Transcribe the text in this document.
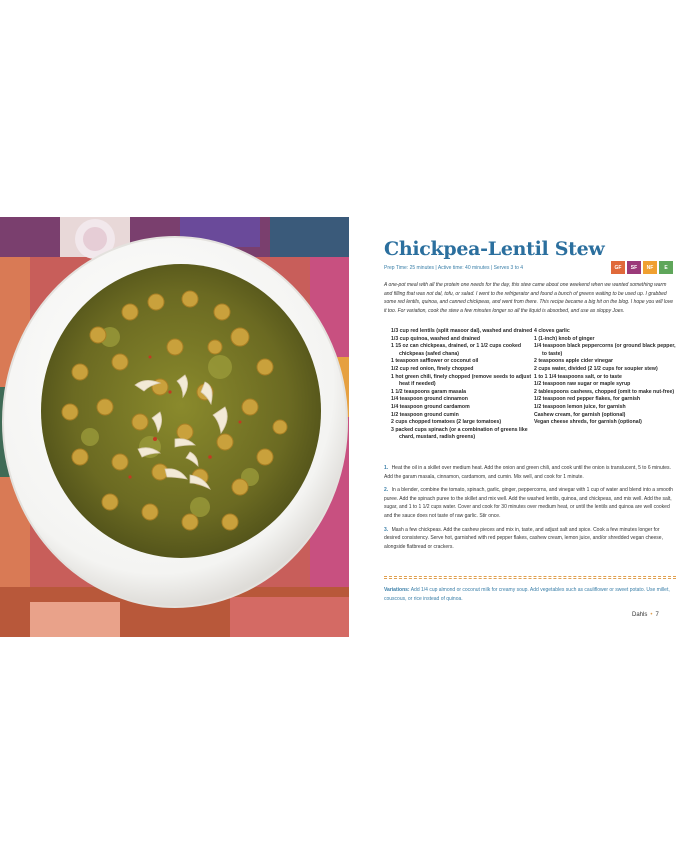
Chickpea-Lentil Stew
Prep Time: 25 minutes | Active time: 40 minutes | Serves 3 to 4	GF	SF	NF	E

A one-pot meal with all the protein one needs for the day, this stew came about one weekend when we wanted something warm and filling that was not dal, tofu, or salad. I went to the refrigerator and found a bunch of greens waiting to be used up. I grabbed some red lentils, quinoa, and canned chickpeas, and went from there. This recipe became a big hit on the blog. I hope you will love it too. For variation, cook the stew a few minutes longer so all the liquid is absorbed, and use as sloppy Joes.

1/3 cup red lentils (split masoor dal), washed and drained

1/3 cup quinoa, washed and drained

1 15 oz can chickpeas, drained, or 1 1/2 cups cooked chickpeas (safed chana)

1 teaspoon safflower or coconut oil

1/2 cup red onion, finely chopped

1 hot green chili, finely chopped (remove seeds to adjust heat if needed)

1 1/2 teaspoons garam masala

1/4 teaspoon ground cinnamon

1/4 teaspoon ground cardamom

1/2 teaspoon ground cumin

2 cups chopped tomatoes (2 large tomatoes)

3 packed cups spinach (or a combination of greens like chard, mustard, radish greens)

4 cloves garlic

1 (1-inch) knob of ginger

1/4 teaspoon black peppercorns (or ground black pepper, to taste)

2 teaspoons apple cider vinegar

2 cups water, divided (2 1/2 cups for soupier stew)

1 to 1 1/4 teaspoons salt, or to taste

1/2 teaspoon raw sugar or maple syrup

2 tablespoons cashews, chopped (omit to make nut-free)

1/2 teaspoon red pepper flakes, for garnish

1/2 teaspoon lemon juice, for garnish

Cashew cream, for garnish (optional)

Vegan cheese shreds, for garnish (optional)

1. Heat the oil in a skillet over medium heat. Add the onion and green chili, and cook until the onion is translucent, 5 to 6 minutes. Add the garam masala, cinnamon, cardamom, and cumin. Mix well, and cook for 1 minute.

2. In a blender, combine the tomato, spinach, garlic, ginger, peppercorns, and vinegar with 1 cup of water and blend into a smooth puree. Add the spinach puree to the skillet and mix well. Add the washed lentils, quinoa, and chickpeas, and mix well. Add the salt, sugar, and 1 to 1 1/2 cups water. Cover and cook for 30 minutes over medium heat, or until the lentils and quinoa are well cooked and the sauce does not taste of raw garlic. Stir once.

3. Mash a few chickpeas. Add the cashew pieces and mix in, taste, and adjust salt and spice. Cook a few minutes longer for desired consistency. Serve hot, garnished with red pepper flakes, cashew cream, lemon juice, and/or shredded vegan cheese, alongside flatbread or crackers.

Variations: Add 1/4 cup almond or coconut milk for creamy soup. Add vegetables such as cauliflower or sweet potato. Use millet, couscous, or rice instead of quinoa.

Dahls • 7
